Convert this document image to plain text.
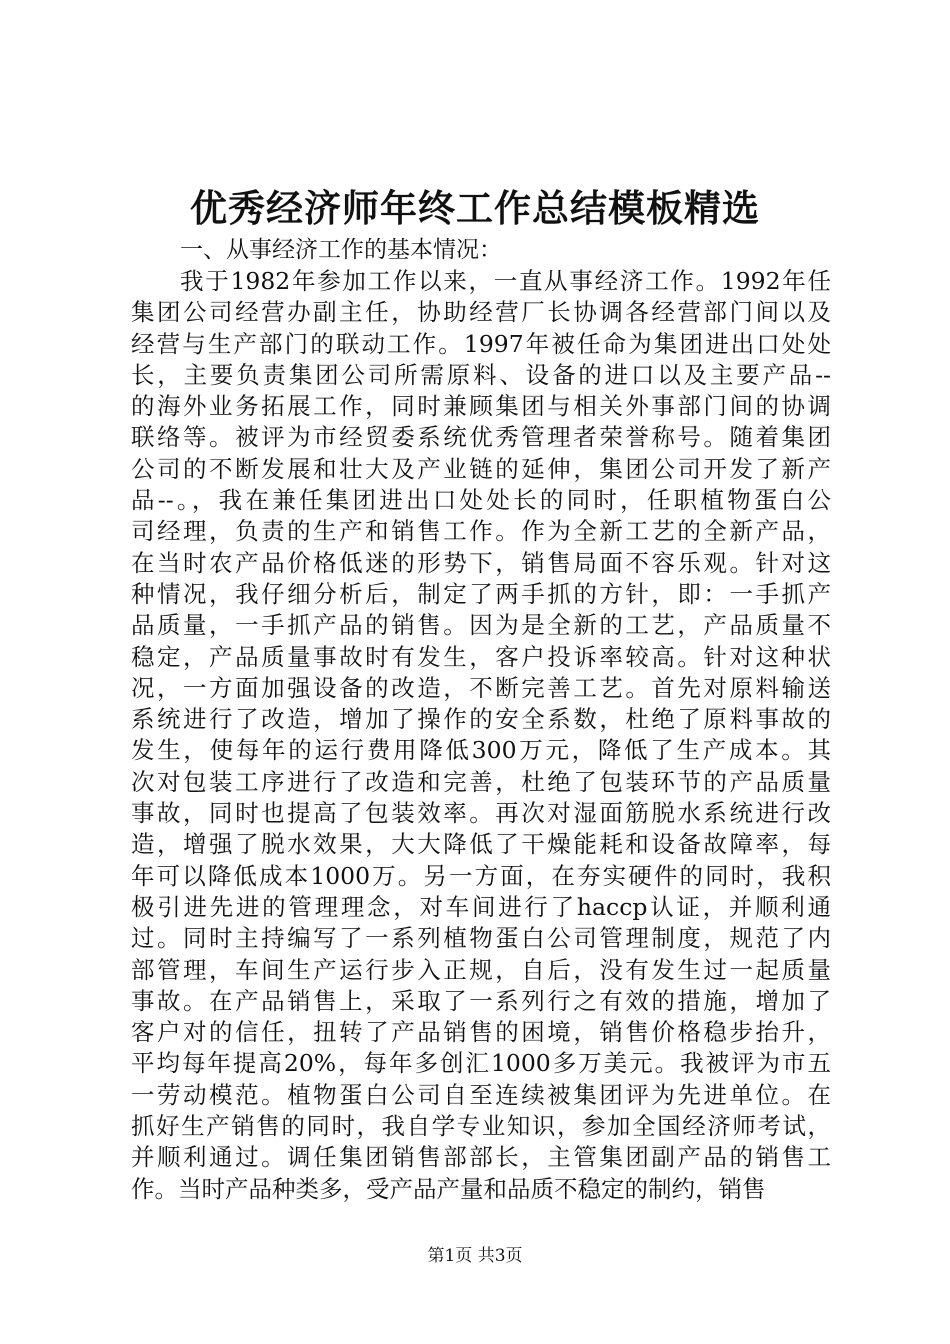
优秀经济师年终工作总结模板精选
一、从事经济工作的基本情况：
我于1982年参加工作以来，一直从事经济工作。1992年任
集团公司经营办副主任，协助经营厂长协调各经营部门间以及
经营与生产部门的联动工作。1997年被任命为集团进出口处处
长，主要负责集团公司所需原料、设备的进口以及主要产品--
的海外业务拓展工作，同时兼顾集团与相关外事部门间的协调
联络等。被评为市经贸委系统优秀管理者荣誉称号。随着集团
公司的不断发展和壮大及产业链的延伸，集团公司开发了新产
品--。，我在兼任集团进出口处处长的同时，任职植物蛋白公
司经理，负责的生产和销售工作。作为全新工艺的全新产品，
在当时农产品价格低迷的形势下，销售局面不容乐观。针对这
种情况，我仔细分析后，制定了两手抓的方针，即：一手抓产
品质量，一手抓产品的销售。因为是全新的工艺，产品质量不
稳定，产品质量事故时有发生，客户投诉率较高。针对这种状
况，一方面加强设备的改造，不断完善工艺。首先对原料输送
系统进行了改造，增加了操作的安全系数，杜绝了原料事故的
发生，使每年的运行费用降低300万元，降低了生产成本。其
次对包装工序进行了改造和完善，杜绝了包装环节的产品质量
事故，同时也提高了包装效率。再次对湿面筋脱水系统进行改
造，增强了脱水效果，大大降低了干燥能耗和设备故障率，每
年可以降低成本1000万。另一方面，在夯实硬件的同时，我积
极引进先进的管理理念，对车间进行了haccp认证，并顺利通
过。同时主持编写了一系列植物蛋白公司管理制度，规范了内
部管理，车间生产运行步入正规，自后，没有发生过一起质量
事故。在产品销售上，采取了一系列行之有效的措施，增加了
客户对的信任，扭转了产品销售的困境，销售价格稳步抬升，
平均每年提高20%，每年多创汇1000多万美元。我被评为市五
一劳动模范。植物蛋白公司自至连续被集团评为先进单位。在
抓好生产销售的同时，我自学专业知识，参加全国经济师考试，
并顺利通过。调任集团销售部部长，主管集团副产品的销售工
作。当时产品种类多，受产品产量和品质不稳定的制约，销售
第1页 共3页
